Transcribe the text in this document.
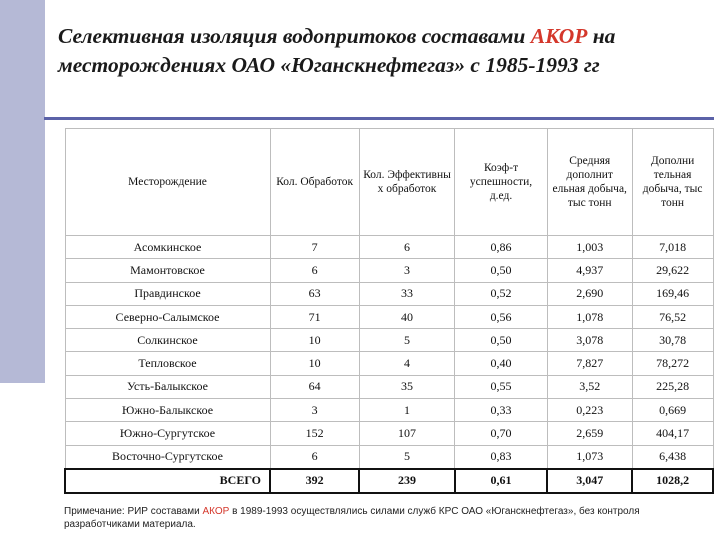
Селективная изоляция водопритоков составами АКОР на месторождениях ОАО «Юганскнефтегаз» с 1985-1993 гг
Месторождение	Кол. Обработок	Кол. Эффективны х обработок	Коэф-т успешности, д.ед.	Средняя дополнит ельная добыча, тыс тонн	Дополни тельная добыча, тыс тонн
Асомкинское	7	6	0,86	1,003	7,018
Мамонтовское	6	3	0,50	4,937	29,622
Правдинское	63	33	0,52	2,690	169,46
Северно-Салымское	71	40	0,56	1,078	76,52
Солкинское	10	5	0,50	3,078	30,78
Тепловское	10	4	0,40	7,827	78,272
Усть-Балыкское	64	35	0,55	3,52	225,28
Южно-Балыкское	3	1	0,33	0,223	0,669
Южно-Сургутское	152	107	0,70	2,659	404,17
Восточно-Сургутское	6	5	0,83	1,073	6,438
ВСЕГО	392	239	0,61	3,047	1028,2

Примечание: РИР составами АКОР в 1989-1993 осуществлялись силами служб КРС ОАО «Юганскнефтегаз», без контроля разработчиками материала.
